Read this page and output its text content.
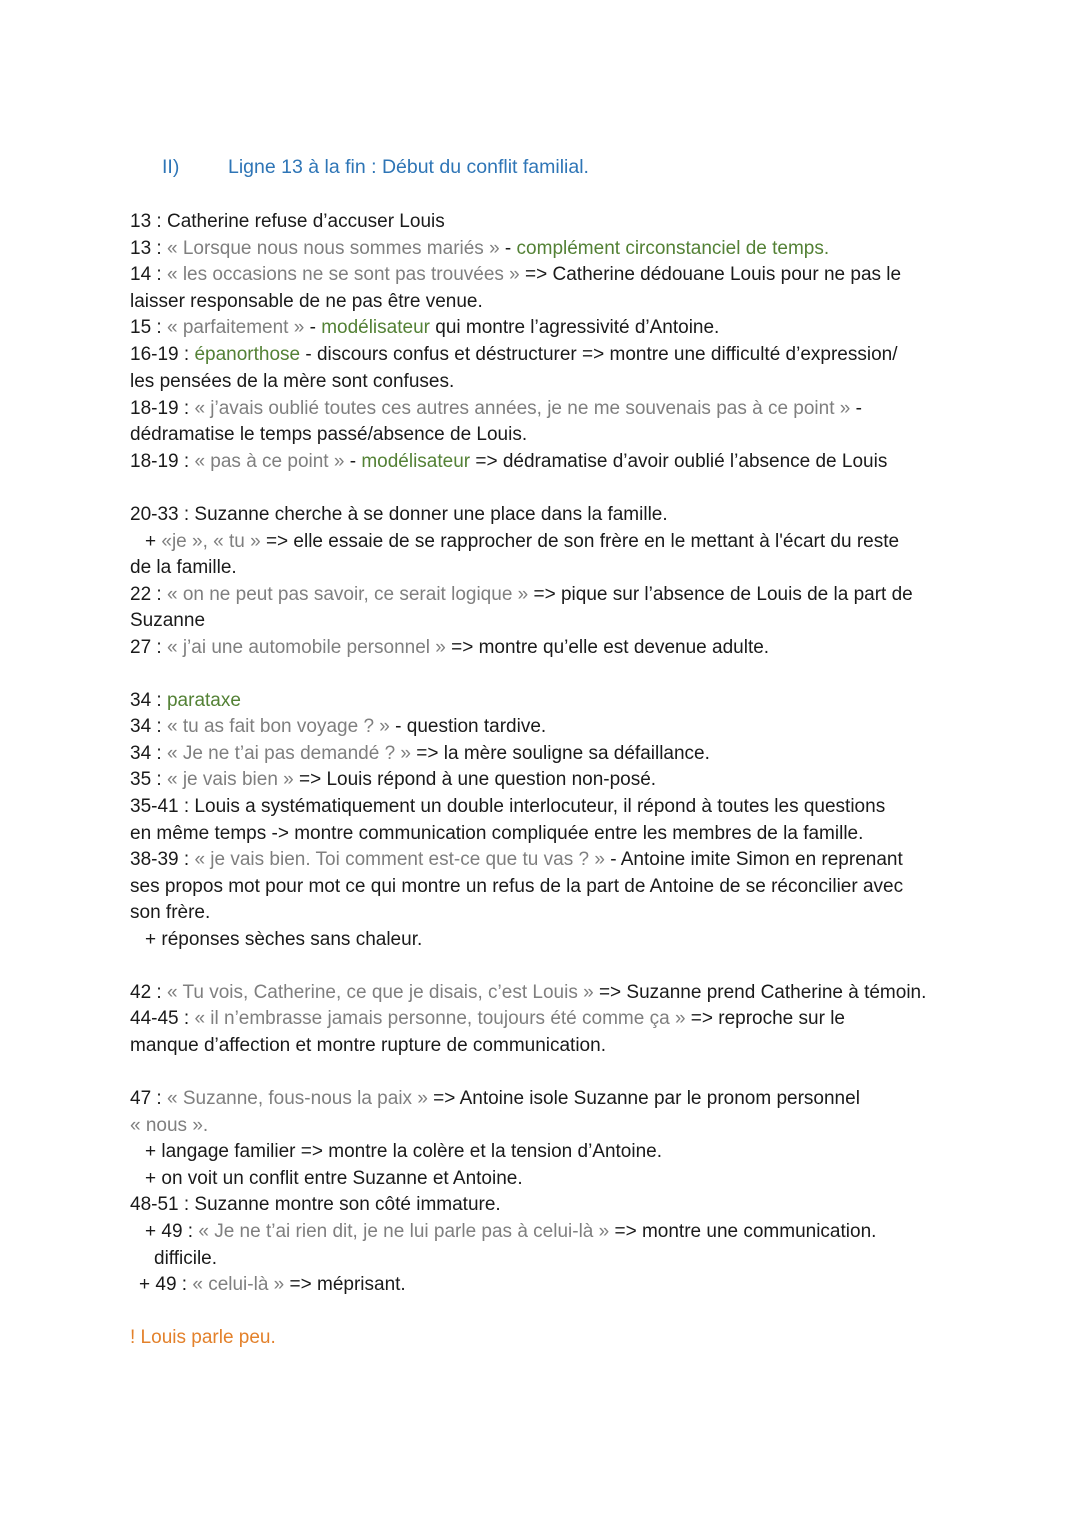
II) Ligne 13 à la fin : Début du conflit familial.
13 : Catherine refuse d’accuser Louis
13 : « Lorsque nous nous sommes mariés » - complément circonstanciel de temps.
14 : « les occasions ne se sont pas trouvées » => Catherine dédouane Louis pour ne pas le
laisser responsable de ne pas être venue.
15 : « parfaitement » - modélisateur qui montre l’agressivité d’Antoine.
16-19 : épanorthose - discours confus et déstructurer => montre une difficulté d’expression/
les pensées de la mère sont confuses.
18-19 : « j’avais oublié toutes ces autres années, je ne me souvenais pas à ce point » -
dédramatise le temps passé/absence de Louis.
18-19 : « pas à ce point » - modélisateur => dédramatise d’avoir oublié l’absence de Louis
20-33 : Suzanne cherche à se donner une place dans la famille.
+ «je », « tu » => elle essaie de se rapprocher de son frère en le mettant à l'écart du reste
de la famille.
22 : « on ne peut pas savoir, ce serait logique » => pique sur l’absence de Louis de la part de
Suzanne
27 : « j’ai une automobile personnel » => montre qu’elle est devenue adulte.
34 : parataxe
34 : « tu as fait bon voyage ? » - question tardive.
34 : « Je ne t’ai pas demandé ? » => la mère souligne sa défaillance.
35 : « je vais bien » => Louis répond à une question non-posé.
35-41 : Louis a systématiquement un double interlocuteur, il répond à toutes les questions
en même temps -> montre communication compliquée entre les membres de la famille.
38-39 : « je vais bien. Toi comment est-ce que tu vas ? » - Antoine imite Simon en reprenant
ses propos mot pour mot ce qui montre un refus de la part de Antoine de se réconcilier avec
son frère.
+ réponses sèches sans chaleur.
42 : « Tu vois, Catherine, ce que je disais, c’est Louis » => Suzanne prend Catherine à témoin.
44-45 : « il n’embrasse jamais personne, toujours été comme ça » => reproche sur le
manque d’affection et montre rupture de communication.
47 : « Suzanne, fous-nous la paix » => Antoine isole Suzanne par le pronom personnel
« nous ».
+ langage familier => montre la colère et la tension d’Antoine.
+ on voit un conflit entre Suzanne et Antoine.
48-51 : Suzanne montre son côté immature.
+ 49 : « Je ne t’ai rien dit, je ne lui parle pas à celui-là » => montre une communication.
difficile.
+ 49 : « celui-là » => méprisant.
! Louis parle peu.
